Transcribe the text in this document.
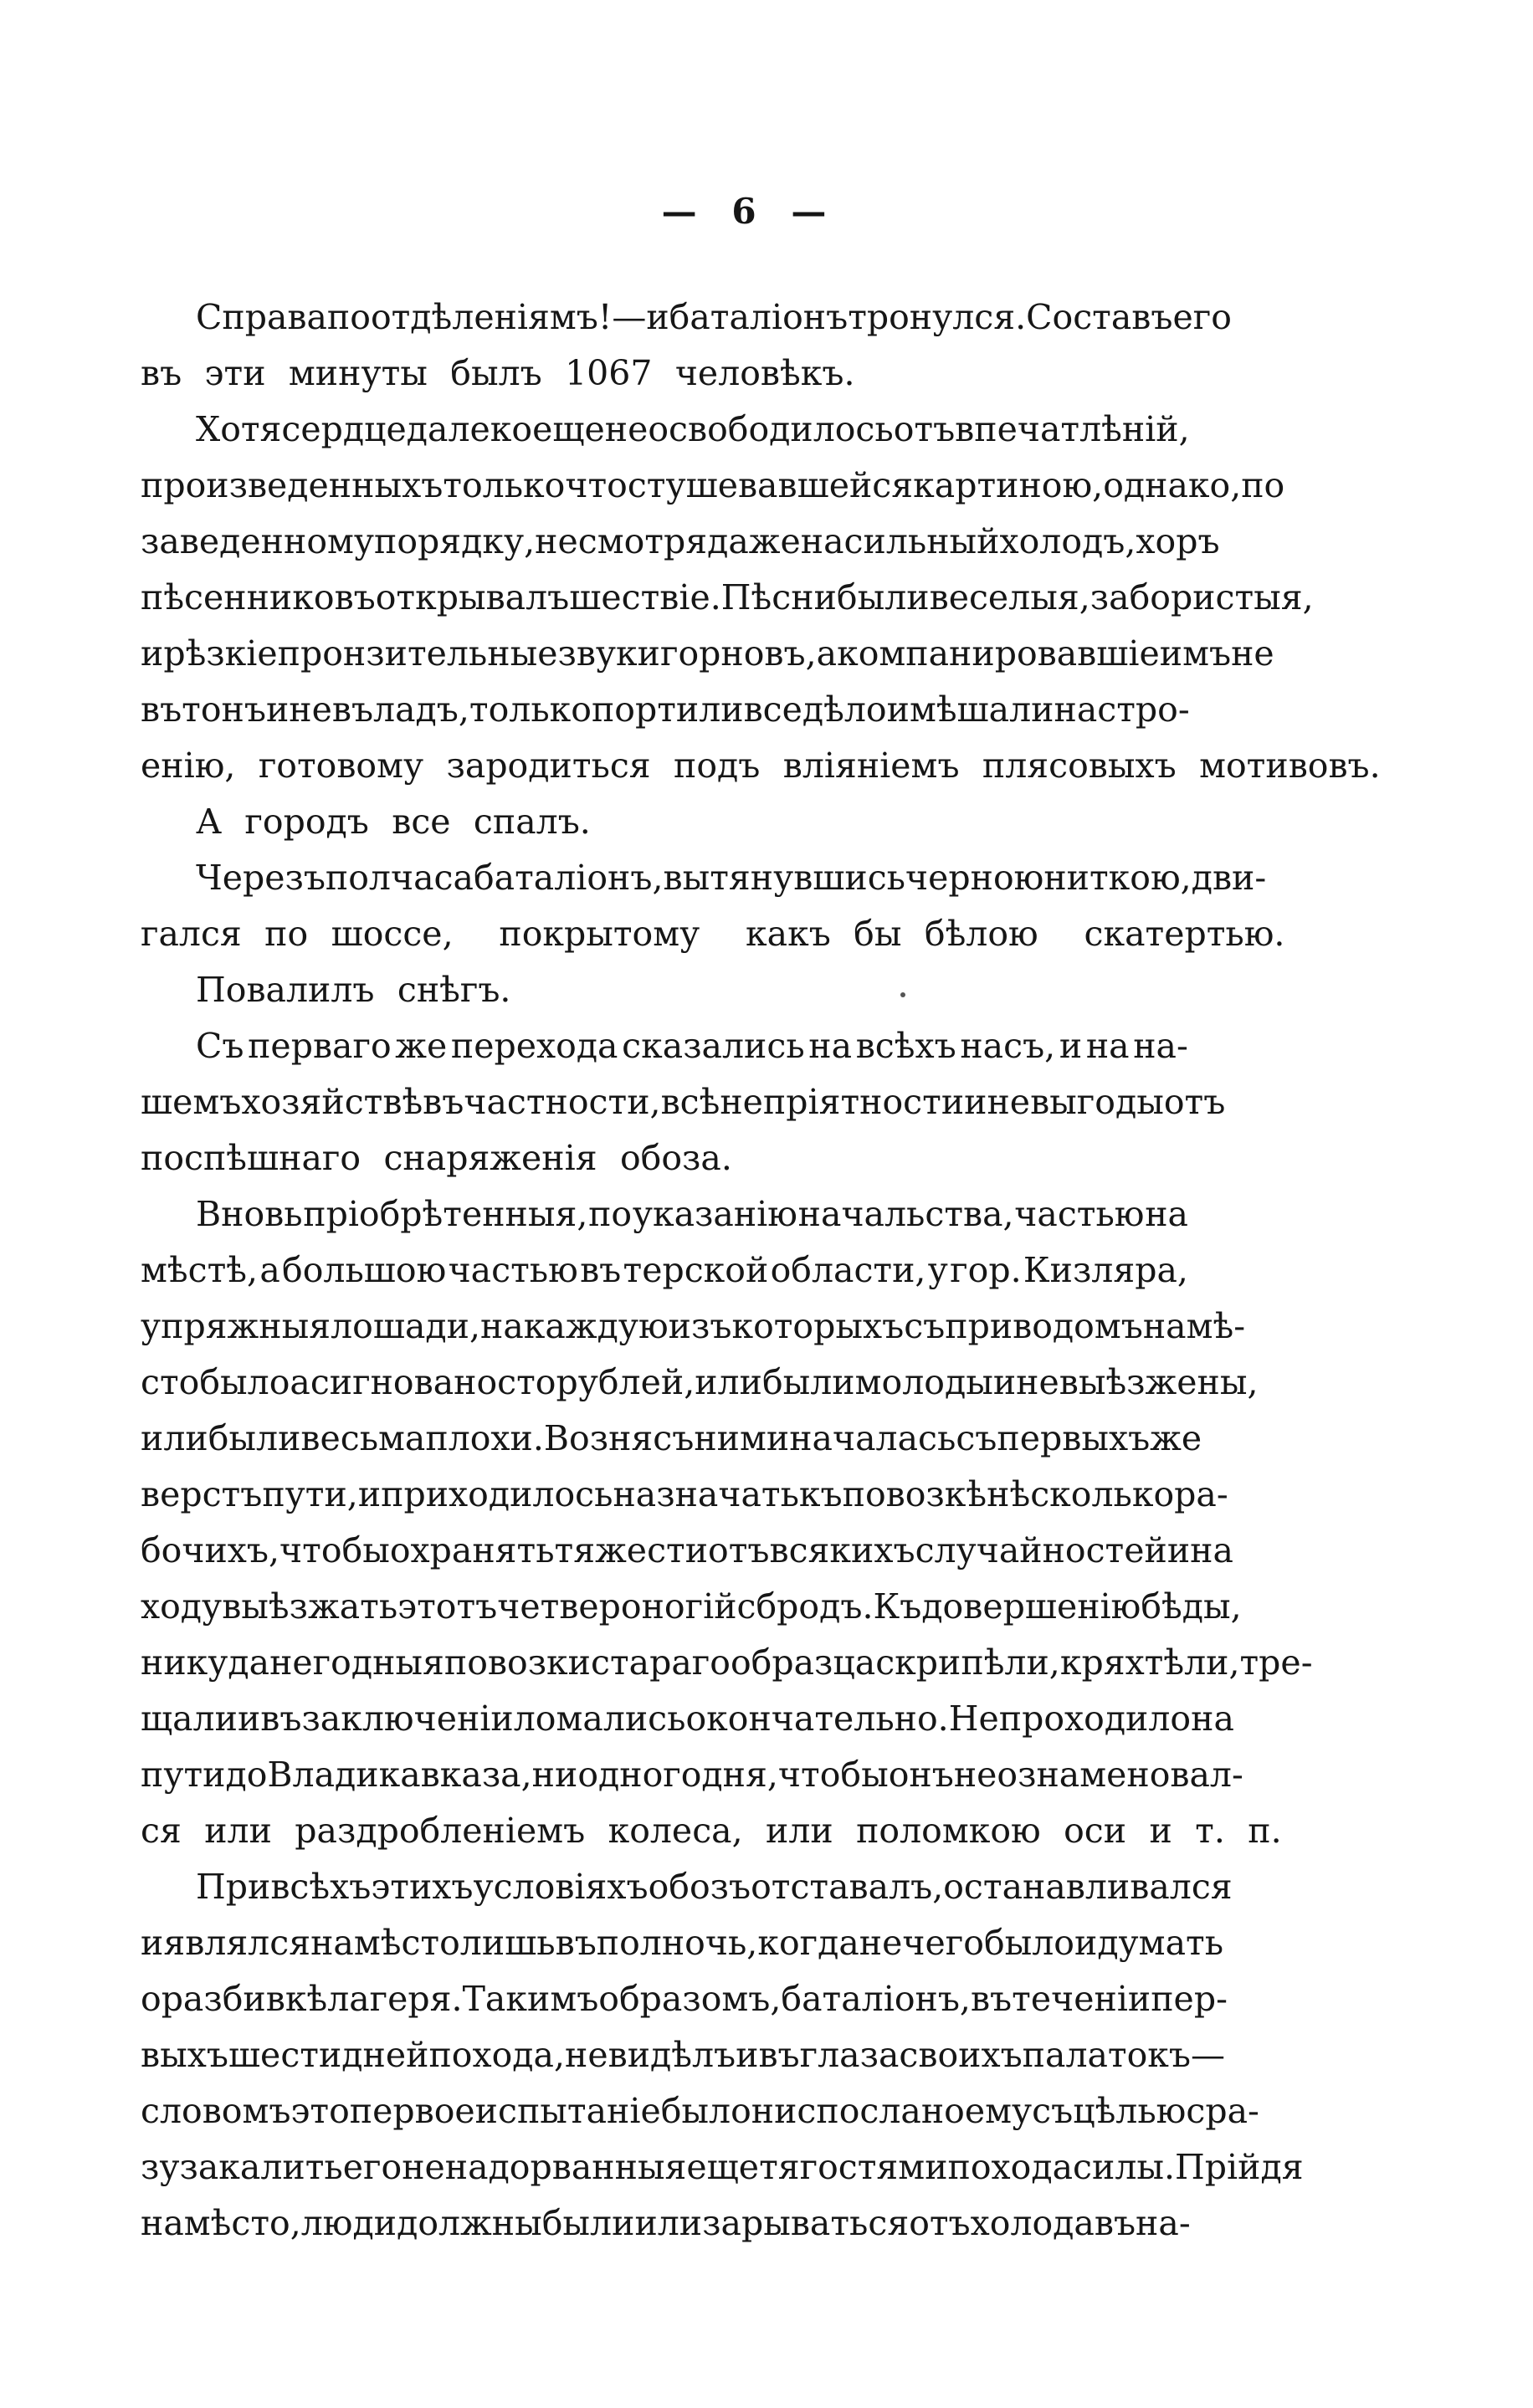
— 6 —
Справа по отдѣленіямъ!—и баталіонъ тронулся. Составъ его
въ эти минуты былъ 1067 человѣкъ.
Хотя сердце далеко еще не освободилось отъ впечатлѣній,
произведенныхъ только что стушевавшейся картиною, однако, по
заведенному порядку, несмотря даже на сильный холодъ, хоръ
пѣсенниковъ открывалъ шествіе. Пѣсни были веселыя, забористыя,
и рѣзкіе пронзительные звуки горновъ, акомпанировавшіе имъ не
въ тонъ и не въ ладъ, только портили все дѣло и мѣшали настро-
енію, готовому зародиться подъ вліяніемъ плясовыхъ мотивовъ.
А городъ все спалъ.
Черезъ полчаса баталіонъ, вытянувшись черною ниткою, дви-
гался по шоссе,  покрытому  какъ бы бѣлою  скатертью.
Повалилъ снѣгъ.
Съ перваго же перехода сказались на всѣхъ насъ, и на на-
шемъ хозяйствѣ въ частности, всѣ непріятности и невыгоды отъ
поспѣшнаго снаряженія обоза.
Вновь пріобрѣтенныя, по указанію начальства, частью на
мѣстѣ, а большою частью въ терской области, у гор. Кизляра,
упряжныя лошади, на каждую изъ которыхъ съ приводомъ на мѣ-
сто было асигновано сто рублей, или были молоды и невыѣзжены,
или были весьма плохи. Возня съ ними началась съ первыхъ же
верстъ пути, и приходилось назначать къ повозкѣ нѣсколько ра-
бочихъ, чтобы охранять тяжести отъ всякихъ случайностей и на
ходу выѣзжать этотъ четвероногій сбродъ. Къ довершенію бѣды,
никуда негодныя повозки стараго образца скрипѣли, кряхтѣли, тре-
щали и въ заключеніи ломались окончательно. Не проходило на
пути до Владикавказа, ни одного дня, чтобы онъ не ознаменовал-
ся или раздробленіемъ колеса, или поломкою оси и т. п.
При всѣхъ этихъ условіяхъ обозъ отставалъ, останавливался
и являлся на мѣсто лишь въ полночь, когда нечего было и думать
о разбивкѣ лагеря. Такимъ образомъ, баталіонъ, въ теченіи пер-
выхъ шести дней похода, не видѣлъ и въ глаза своихъ палатокъ—
словомъ это первое испытаніе было ниспослано ему съ цѣлью сра-
зу закалить его ненадорванныя еще тягостями похода силы. Прійдя
на мѣсто, люди должны были или зарываться отъ холода въ на-
